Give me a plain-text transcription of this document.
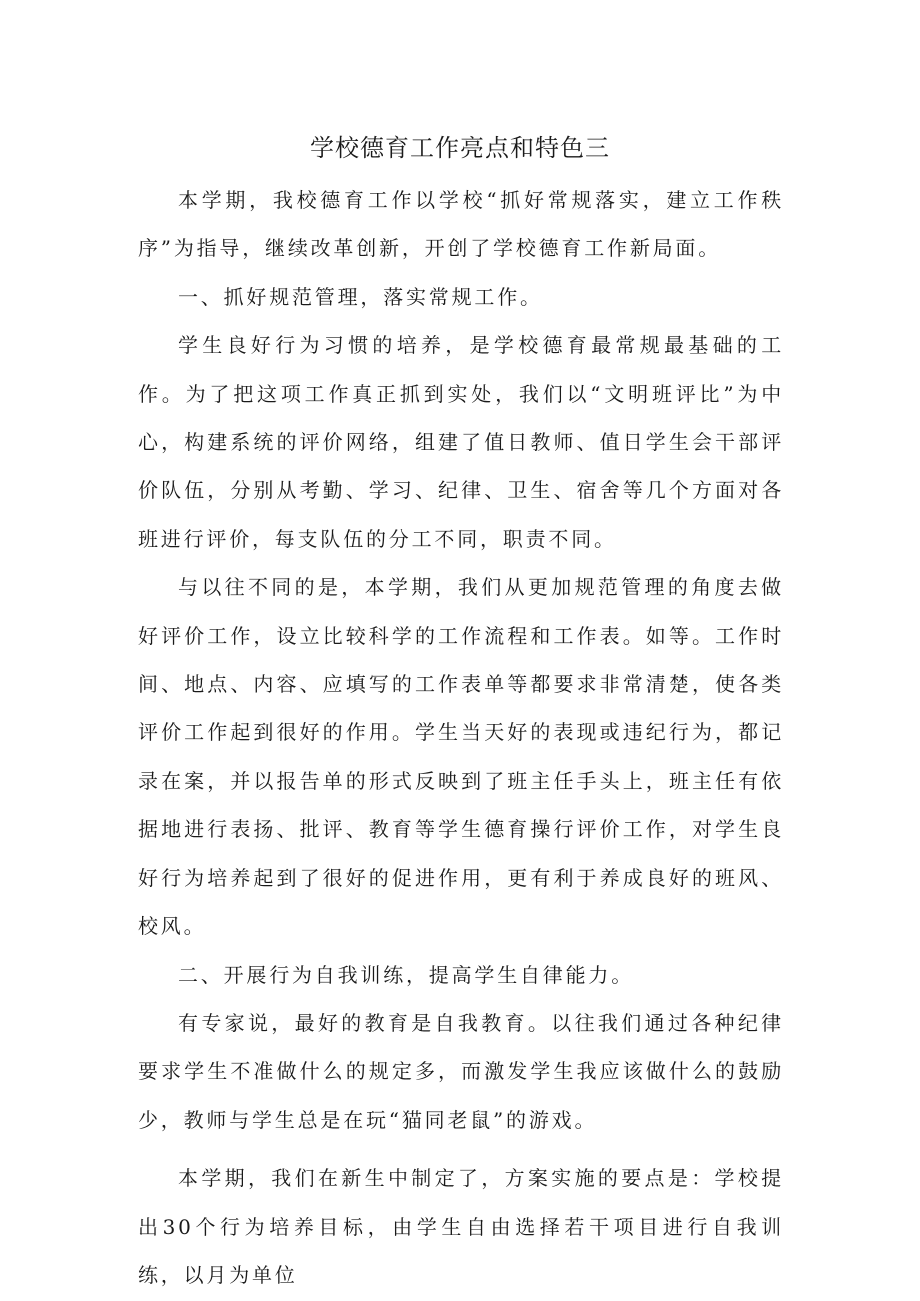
学校德育工作亮点和特色三

本学期，我校德育工作以学校“抓好常规落实，建立工作秩序”为指导，继续改革创新，开创了学校德育工作新局面。

一、抓好规范管理，落实常规工作。

学生良好行为习惯的培养，是学校德育最常规最基础的工作。为了把这项工作真正抓到实处，我们以“文明班评比”为中心，构建系统的评价网络，组建了值日教师、值日学生会干部评价队伍，分别从考勤、学习、纪律、卫生、宿舍等几个方面对各班进行评价，每支队伍的分工不同，职责不同。

与以往不同的是，本学期，我们从更加规范管理的角度去做好评价工作，设立比较科学的工作流程和工作表。如等。工作时间、地点、内容、应填写的工作表单等都要求非常清楚，使各类评价工作起到很好的作用。学生当天好的表现或违纪行为，都记录在案，并以报告单的形式反映到了班主任手头上，班主任有依据地进行表扬、批评、教育等学生德育操行评价工作，对学生良好行为培养起到了很好的促进作用，更有利于养成良好的班风、校风。

二、开展行为自我训练，提高学生自律能力。

有专家说，最好的教育是自我教育。以往我们通过各种纪律要求学生不准做什么的规定多，而激发学生我应该做什么的鼓励少，教师与学生总是在玩“猫同老鼠”的游戏。

本学期，我们在新生中制定了，方案实施的要点是：学校提出30个行为培养目标，由学生自由选择若干项目进行自我训练，以月为单位
